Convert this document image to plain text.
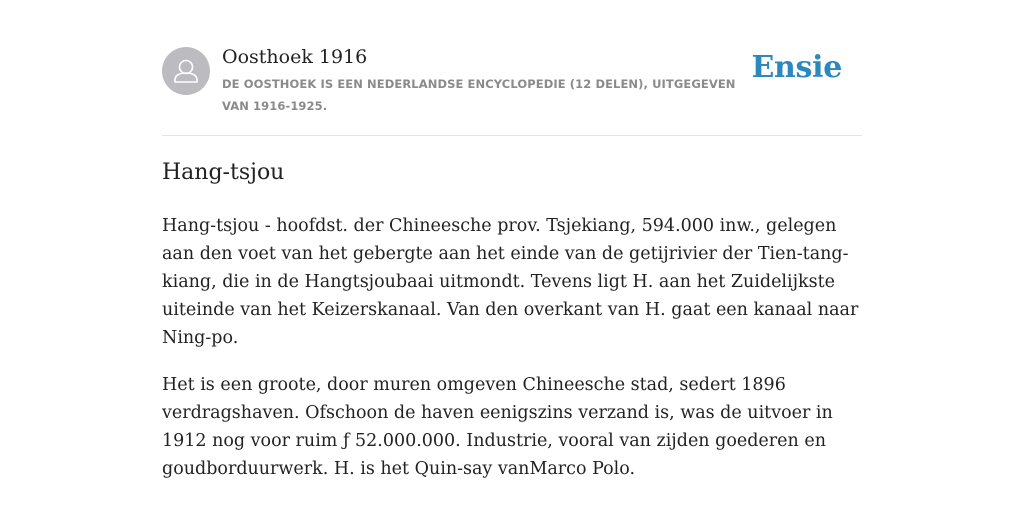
Oosthoek 1916
DE OOSTHOEK IS EEN NEDERLANDSE ENCYCLOPEDIE (12 DELEN), UITGEGEVEN VAN 1916-1925.
Ensie
Hang-tsjou

Hang-tsjou - hoofdst. der Chineesche prov. Tsjekiang, 594.000 inw., gelegen aan den voet van het gebergte aan het einde van de getijrivier der Tien-tang-kiang, die in de Hangtsjoubaai uitmondt. Tevens ligt H. aan het Zuidelijkste uiteinde van het Keizerskanaal. Van den overkant van H. gaat een kanaal naar Ning-po.

Het is een groote, door muren omgeven Chineesche stad, sedert 1896 verdragshaven. Ofschoon de haven eenigszins verzand is, was de uitvoer in 1912 nog voor ruim ƒ 52.000.000. Industrie, vooral van zijden goederen en goudborduurwerk. H. is het Quin-say vanMarco Polo.
